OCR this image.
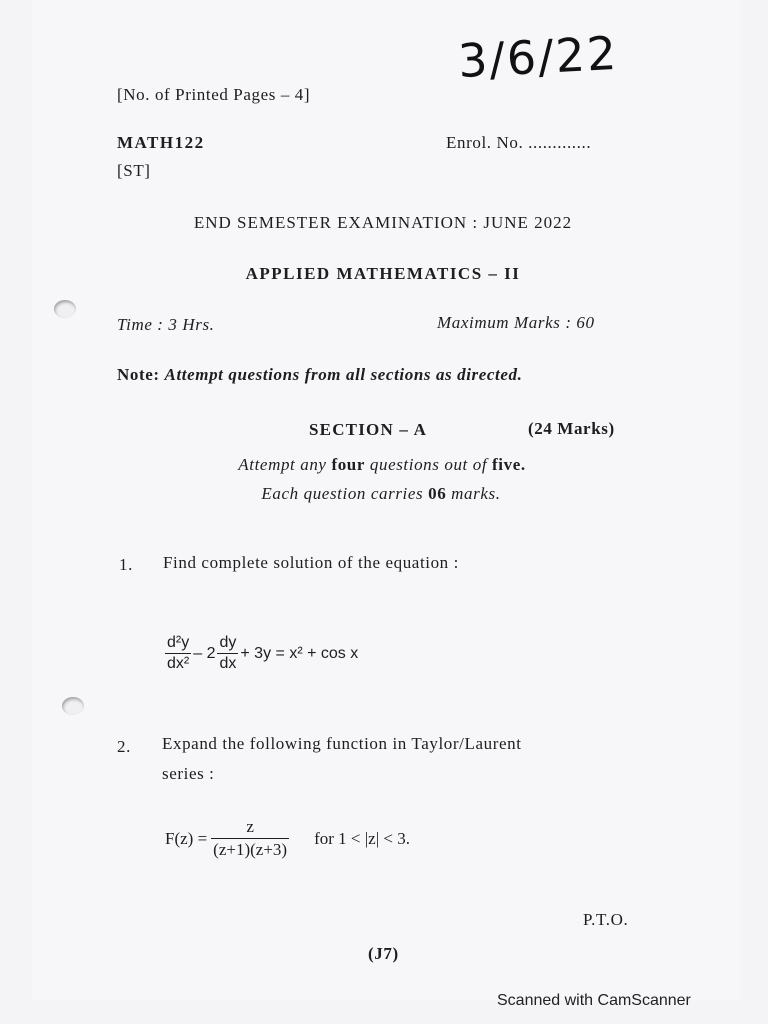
3/6/22
[No. of Printed Pages – 4]
MATH122	Enrol. No. .............
[ST]
END SEMESTER EXAMINATION : JUNE 2022
APPLIED MATHEMATICS – II
Time : 3 Hrs.	Maximum Marks : 60
Note: Attempt questions from all sections as directed.
SECTION – A	(24 Marks)
Attempt any four questions out of five.
Each question carries 06 marks.
1. Find complete solution of the equation :
$\frac{\text{d²y}}{\text{dx²}} - 2 \frac{dy}{dx} + 3y = x^2 + \cos x$
2. Expand the following function in Taylor/Laurent
series :
$F(z) = \frac{z}{(z+1)(z+3)}$ for 1 < |z| < 3.
P.T.O.
(J7)
Scanned with CamScanner
